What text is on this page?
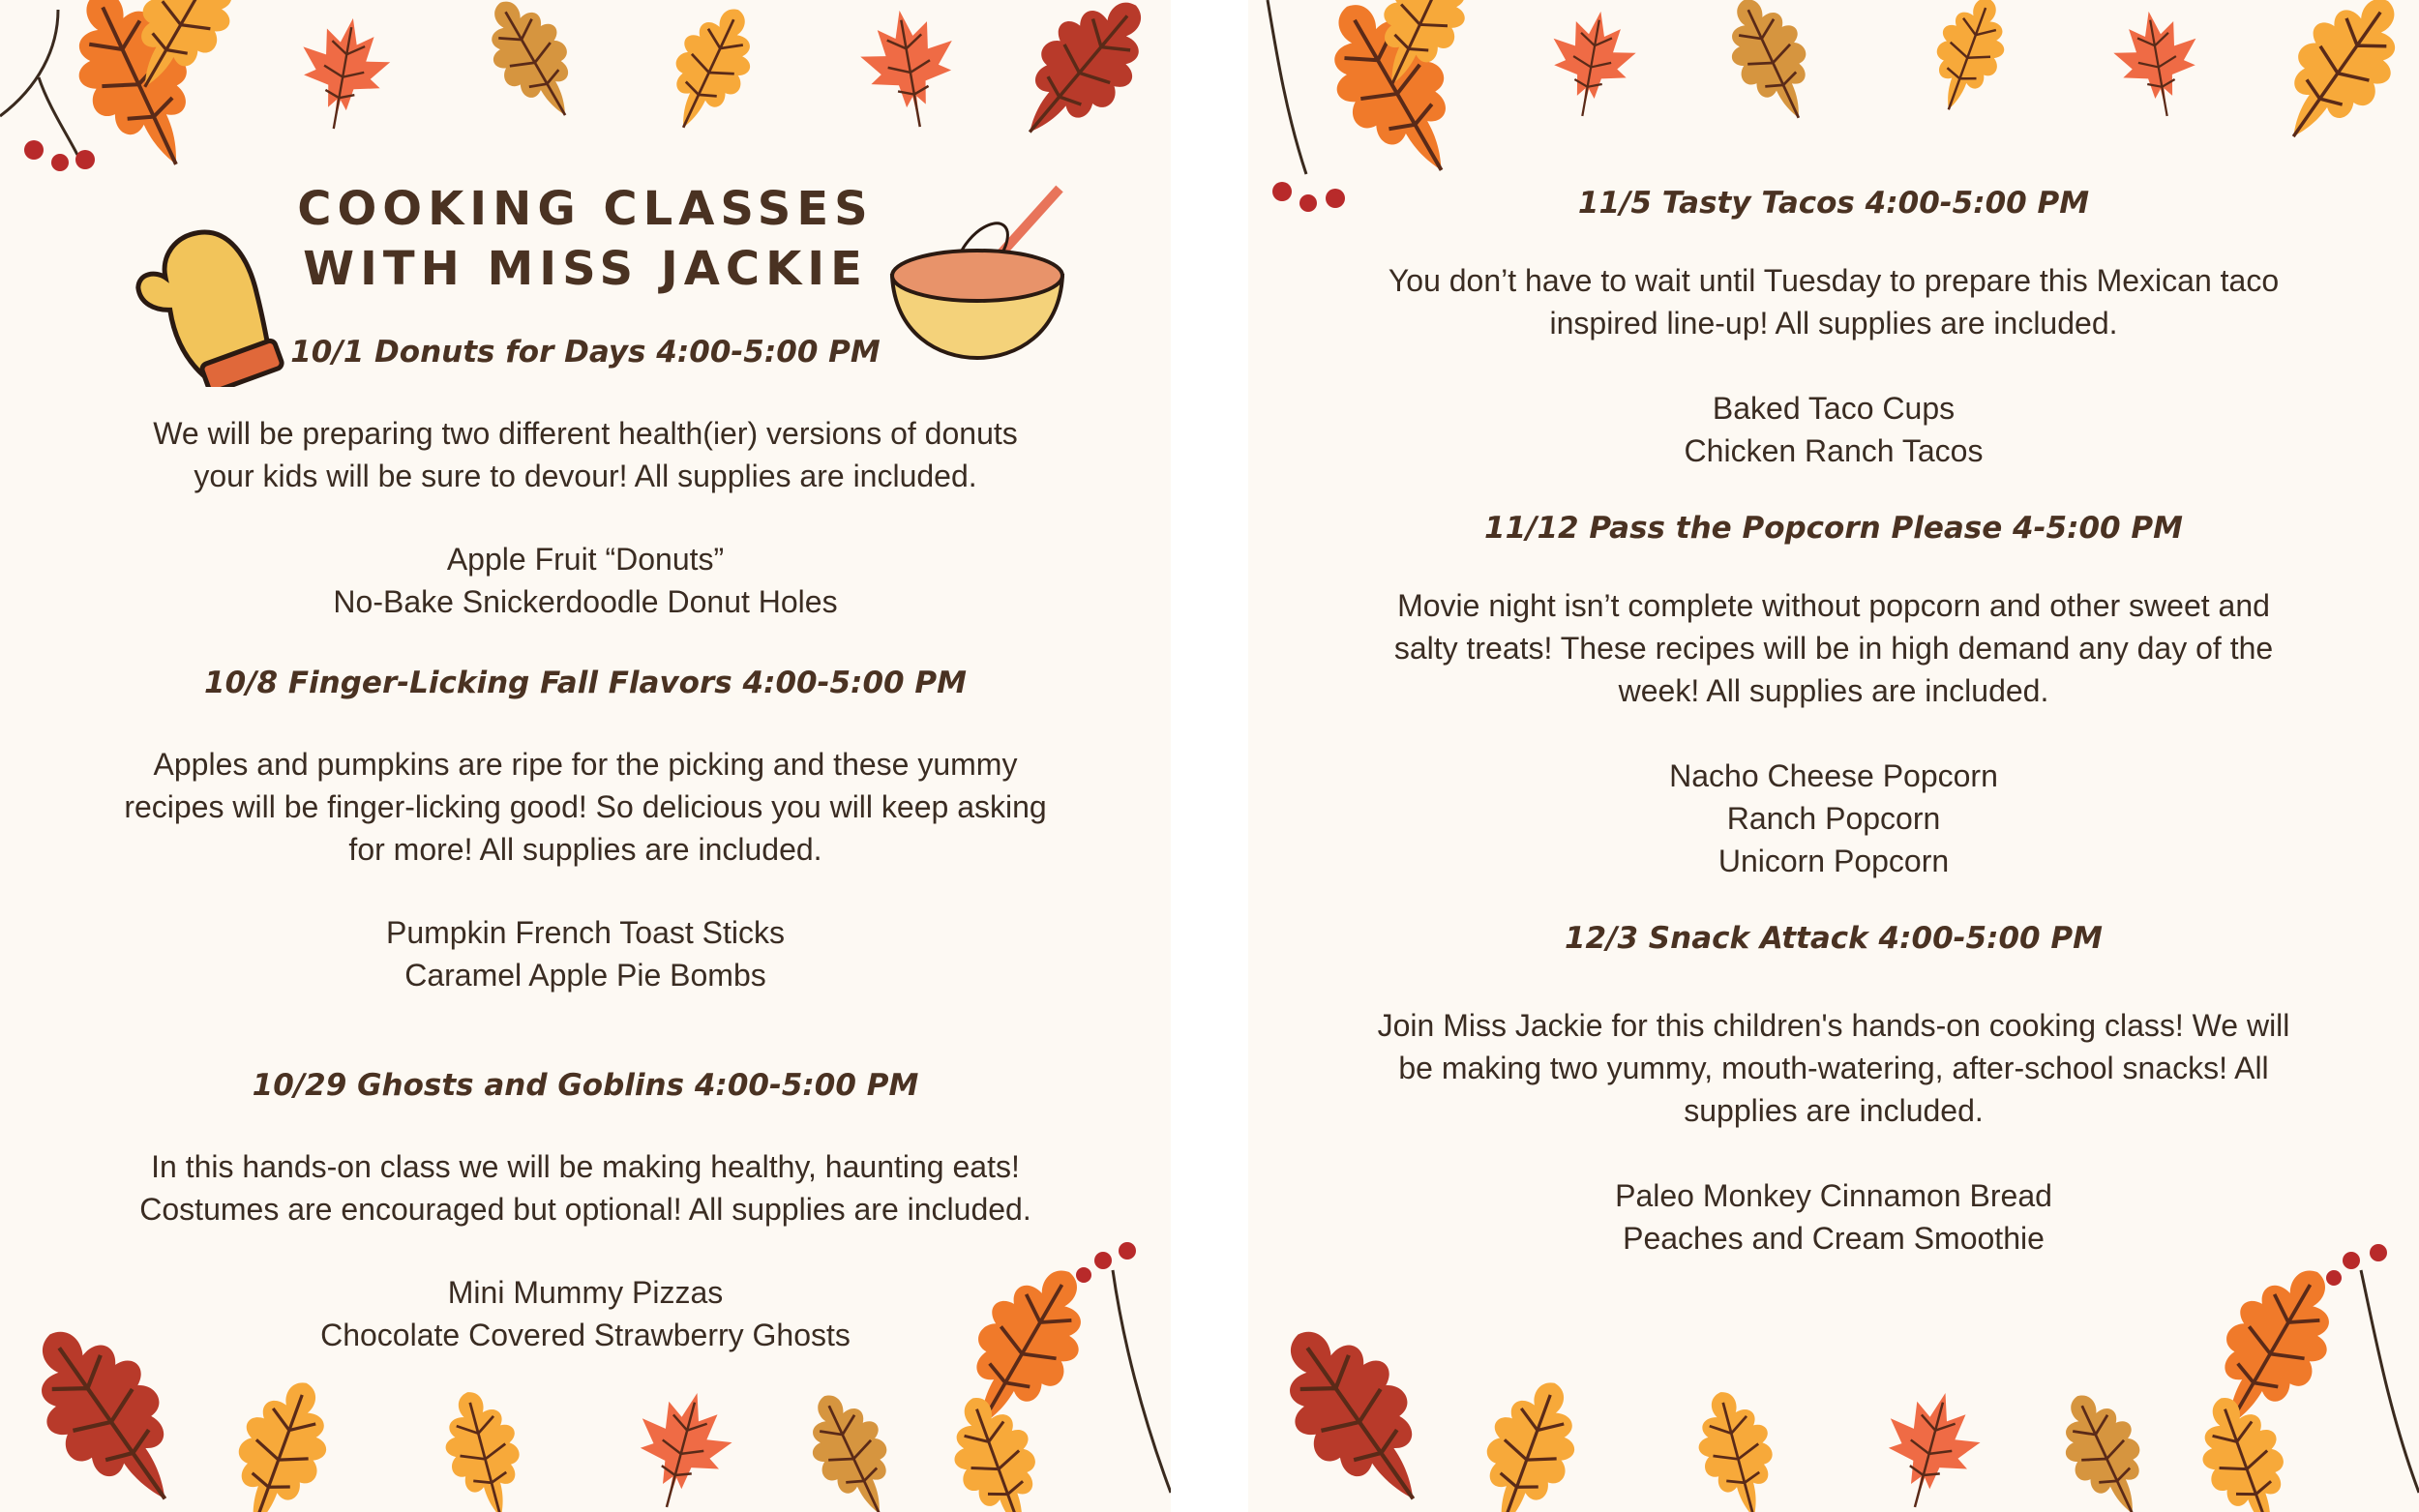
COOKING CLASSES
WITH MISS JACKIE
10/1 Donuts for Days 4:00-5:00 PM

We will be preparing two different health(ier) versions of donuts
your kids will be sure to devour! All supplies are included.

Apple Fruit “Donuts”
No-Bake Snickerdoodle Donut Holes
10/8 Finger-Licking Fall Flavors 4:00-5:00 PM

Apples and pumpkins are ripe for the picking and these yummy
recipes will be finger-licking good! So delicious you will keep asking
for more! All supplies are included.

Pumpkin French Toast Sticks
Caramel Apple Pie Bombs
10/29 Ghosts and Goblins 4:00-5:00 PM

In this hands-on class we will be making healthy, haunting eats!
Costumes are encouraged but optional! All supplies are included.

Mini Mummy Pizzas
Chocolate Covered Strawberry Ghosts
11/5 Tasty Tacos 4:00-5:00 PM

You don’t have to wait until Tuesday to prepare this Mexican taco
inspired line-up! All supplies are included.

Baked Taco Cups
Chicken Ranch Tacos
11/12 Pass the Popcorn Please 4-5:00 PM

Movie night isn’t complete without popcorn and other sweet and
salty treats! These recipes will be in high demand any day of the
week! All supplies are included.

Nacho Cheese Popcorn
Ranch Popcorn
Unicorn Popcorn
12/3 Snack Attack 4:00-5:00 PM

Join Miss Jackie for this children's hands-on cooking class! We will
be making two yummy, mouth-watering, after-school snacks! All
supplies are included.

Paleo Monkey Cinnamon Bread
Peaches and Cream Smoothie
